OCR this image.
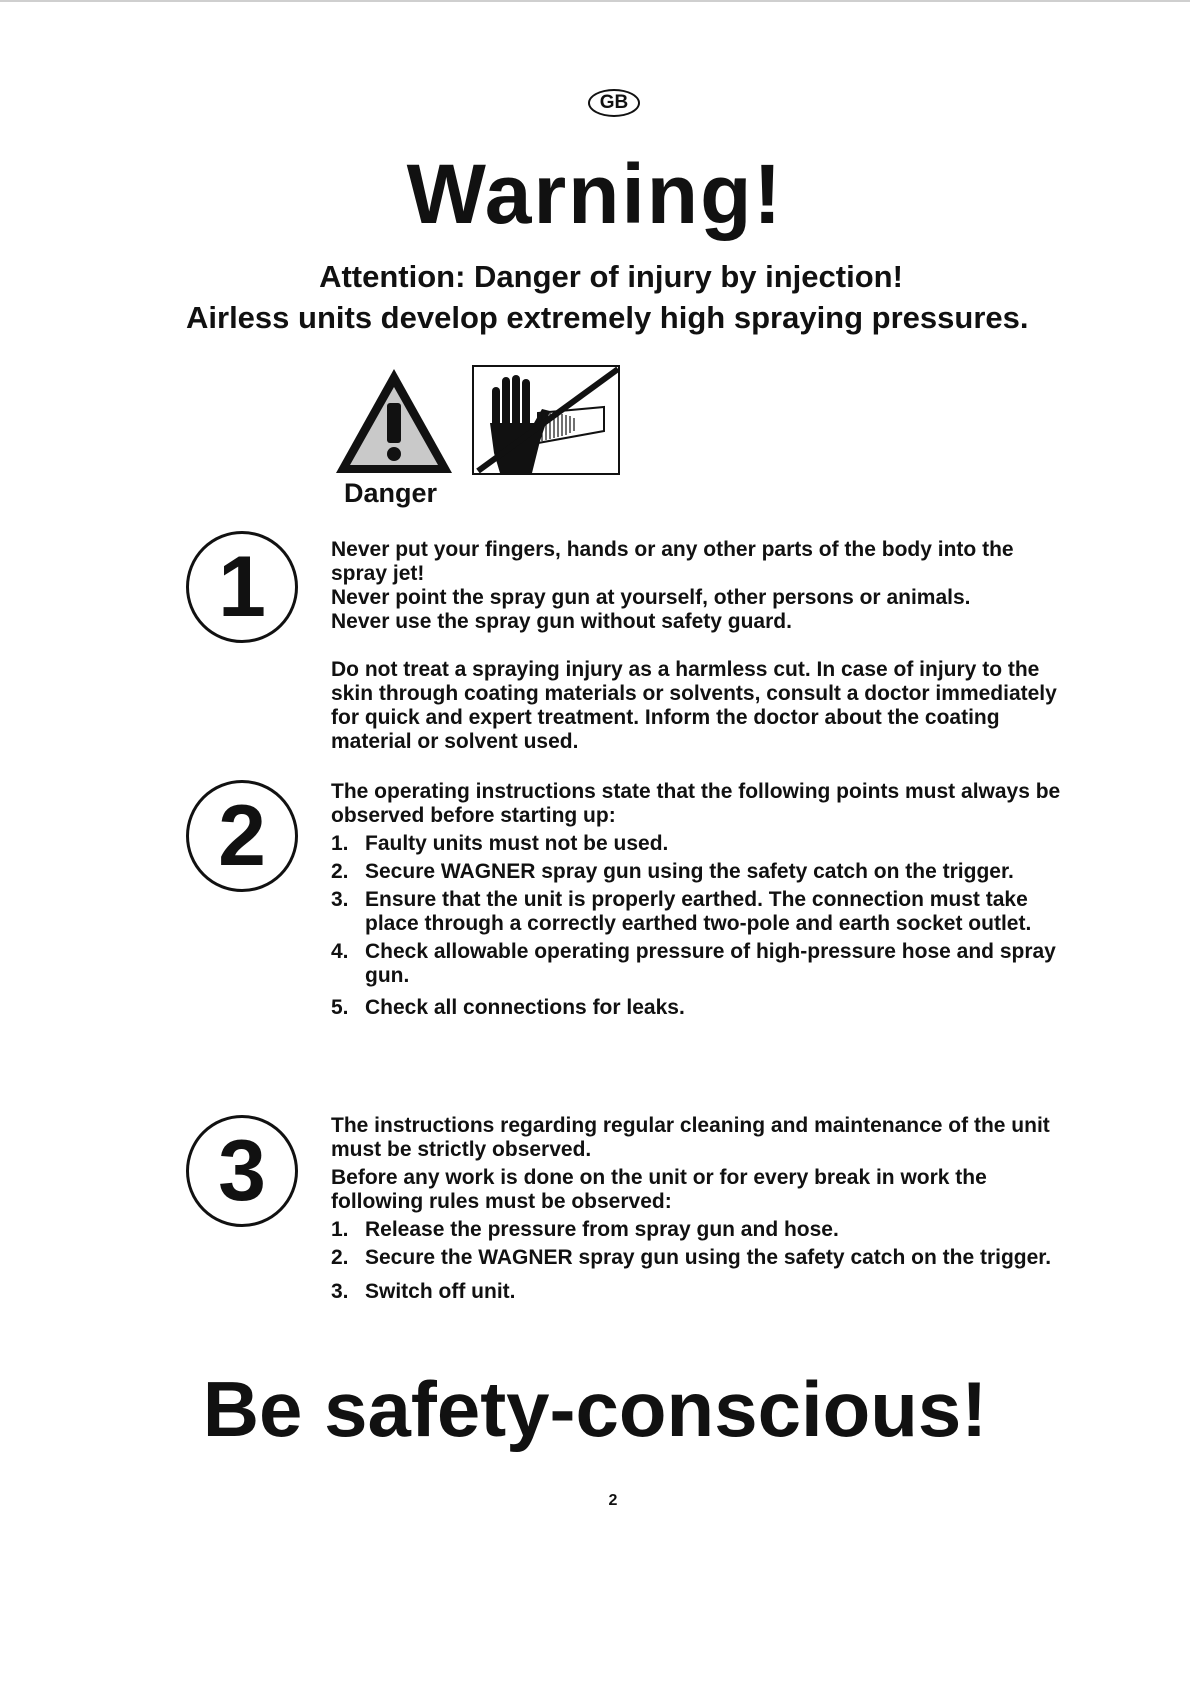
GB
Warning!
Attention: Danger of injury by injection!
Airless units develop extremely high spraying pressures.
Danger
1
2
3

Never put your fingers, hands or any other parts of the body into the spray jet!

Never point the spray gun at yourself, other persons or animals.

Never use the spray gun without safety guard.

Do not treat a spraying injury as a harmless cut. In case of injury to the skin through coating materials or solvents, consult a doctor immediately for quick and expert treatment. Inform the doctor about the coating material or solvent used.

The operating instructions state that the following points must always be observed before starting up:

1. Faulty units must not be used.
2. Secure WAGNER spray gun using the safety catch on the trigger.
3. Ensure that the unit is properly earthed. The connection must take place through a correctly earthed two-pole and earth socket outlet.
4. Check allowable operating pressure of high-pressure hose and spray gun.
5. Check all connections for leaks.

The instructions regarding regular cleaning and maintenance of the unit must be strictly observed.

Before any work is done on the unit or for every break in work the following rules must be observed:

1. Release the pressure from spray gun and hose.
2. Secure the WAGNER spray gun using the safety catch on the trigger.
3. Switch off unit.
Be safety-conscious!
2
